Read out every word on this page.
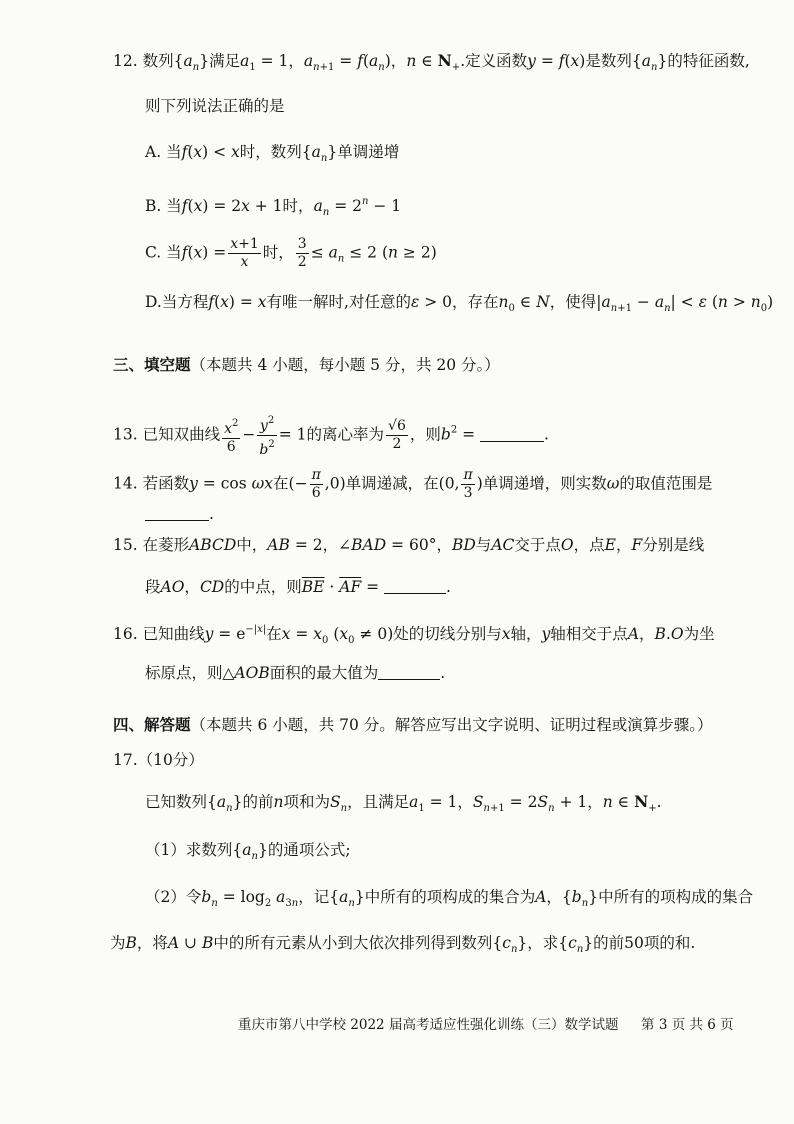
12. 数列$\{a_n\}$满足$a_1 = 1$，$a_{n+1} = f(a_n)$，n ∈ $N_+$.定义函数y = f(x)是数列$\{a_n\}$的特征函数,
则下列说法正确的是
A. 当f(x) < x时，数列$\{a_n\}$单调递增
B. 当f(x) = 2x + 1时，$a_n = 2^n - 1$
C. 当$f(x) = \frac{x+1}{x}$ 时， $\frac{3}{2} \le a_n \le 2$ (n ≥ 2)
D.当方程f(x) = x有唯一解时,对任意的ε > 0，存在$n_0$ ∈ N，使得$|a_{n+1} - a_n| < \varepsilon$ $(n > n_0)$
三、填空题（本题共 4 小题，每小题 5 分，共 20 分。）
13. 已知双曲线 $\frac{x^2}{6} - \frac{y^2}{b^2} = 1$的离心率为 $\frac{√6}{2}$ ，则$b^2$ =	.
14. 若函数y = cos ωx在(− $\frac{\pi}{6} ,0$)单调递减，在(0, $\frac{\pi}{3}$ )单调递增，则实数ω的取值范围是
.
15. 在菱形ABCD中，AB = 2，∠BAD = 60°，BD与AC交于点O，点E，F分别是线
段AO，CD的中点，则$\overline{BE} \cdot \overline{AF}$ =	.
16. 已知曲线$y = e^{-|x|}$在$x = x_0$ $(x_0 \ne 0)$处的切线分别与x轴，y轴相交于点A，B.O为坐
标原点，则△AOB面积的最大值为	.
四、解答题（本题共 6 小题，共 70 分。解答应写出文字说明、证明过程或演算步骤。）
17.（10分）
已知数列$\{a_n\}$的前n项和为$S_n$，且满足$a_1 = 1$，$S_{n+1} = 2S_n + 1$，n ∈ $N_+$.
（1）求数列$\{a_n\}$的通项公式;
（2）令$b_n = \log_2 a_{3n}$，记$\{a_n\}$中所有的项构成的集合为A，$\{b_n\}$中所有的项构成的集合
为B，将A ∪ B中的所有元素从小到大依次排列得到数列$\{c_n\}$，求$\{c_n\}$的前50项的和.
重庆市第八中学校 2022 届高考适应性强化训练（三）数学试题 第 3 页 共 6 页
